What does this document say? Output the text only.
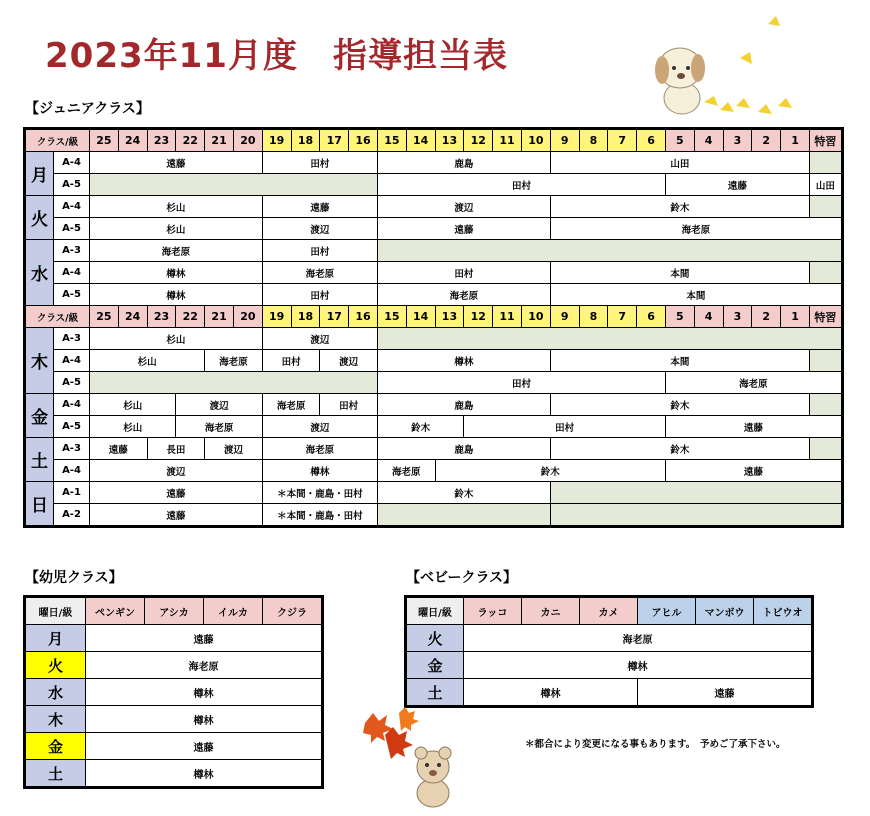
2023年11月度　指導担当表
【ジュニアクラス】
【幼児クラス】	【ベビークラス】
クラス/級		25	24	23	22	21	20	19	18	17	16	15	14	13	12	11	10	9	8	7	6	5	4	3	2	1	特習
月	A-4	遠藤						田村				鹿島						山田									
	A-5											田村										遠藤					山田
火	A-4	杉山						遠藤				渡辺						鈴木									
	A-5	杉山						渡辺				遠藤						海老原									
水	A-3	海老原						田村																			
	A-4	樽林						海老原				田村						本間									
	A-5	樽林						田村				海老原						本間									
クラス/級		25	24	23	22	21	20	19	18	17	16	15	14	13	12	11	10	9	8	7	6	5	4	3	2	1	特習
木	A-3	杉山						渡辺																			
	A-4	杉山				海老原		田村		渡辺		樽林						本間									
	A-5											田村										海老原					
金	A-4	杉山			渡辺			海老原		田村		鹿島						鈴木									
	A-5	杉山			海老原			渡辺				鈴木			田村							遠藤					
土	A-3	遠藤		長田		渡辺		海老原				鹿島						鈴木									
	A-4	渡辺						樽林				海老原		鈴木								遠藤					
日	A-1	遠藤						＊本間・鹿島・田村				鈴木															
	A-2	遠藤						＊本間・鹿島・田村																			
曜日/級	ペンギン	アシカ	イルカ	クジラ
月	遠藤			
火	海老原			
水	樽林			
木	樽林			
金	遠藤			
土	樽林			
曜日/級	ラッコ	カニ	カメ	アヒル	マンボウ	トビウオ
火	海老原					
金	樽林					
土	樽林			遠藤		
＊都合により変更になる事もあります。　予めご了承下さい。
